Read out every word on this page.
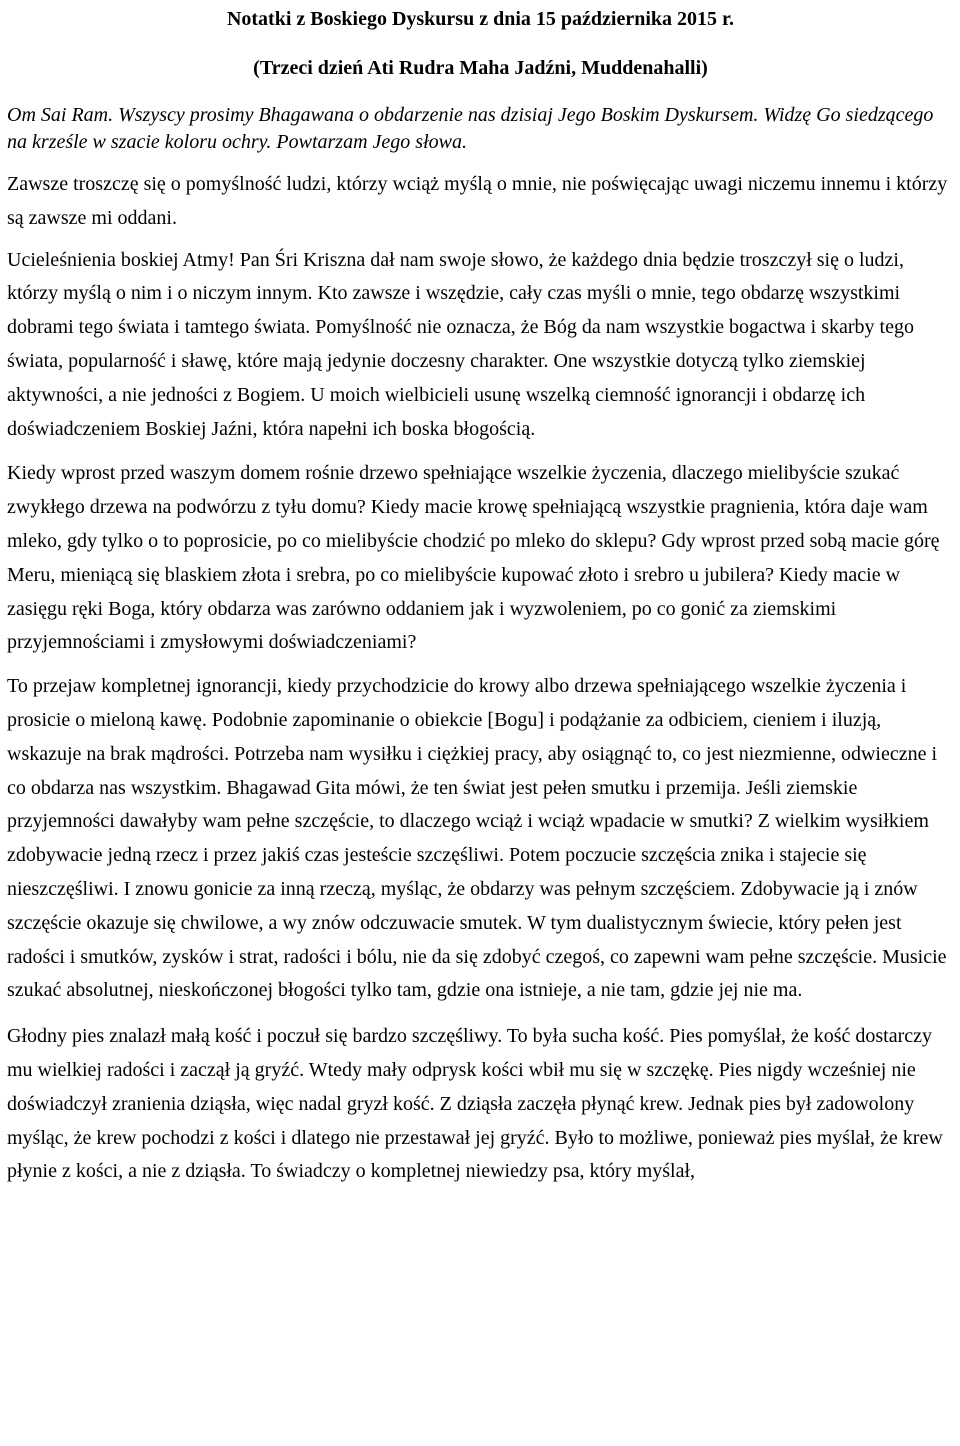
Notatki z Boskiego Dyskursu z dnia 15 października 2015 r.
(Trzeci dzień Ati Rudra Maha Jadźni, Muddenahalli)

Om Sai Ram. Wszyscy prosimy Bhagawana o obdarzenie nas dzisiaj Jego Boskim Dyskursem. Widzę Go siedzącego na krześle w szacie koloru ochry. Powtarzam Jego słowa.

Zawsze troszczę się o pomyślność ludzi, którzy wciąż myślą o mnie, nie poświęcając uwagi niczemu innemu i którzy są zawsze mi oddani.

Ucieleśnienia boskiej Atmy! Pan Śri Kriszna dał nam swoje słowo, że każdego dnia będzie troszczył się o ludzi, którzy myślą o nim i o niczym innym. Kto zawsze i wszędzie, cały czas myśli o mnie, tego obdarzę wszystkimi dobrami tego świata i tamtego świata. Pomyślność nie oznacza, że Bóg da nam wszystkie bogactwa i skarby tego świata, popularność i sławę, które mają jedynie doczesny charakter. One wszystkie dotyczą tylko ziemskiej aktywności, a nie jedności z Bogiem. U moich wielbicieli usunę wszelką ciemność ignorancji i obdarzę ich doświadczeniem Boskiej Jaźni, która napełni ich boska błogością.

Kiedy wprost przed waszym domem rośnie drzewo spełniające wszelkie życzenia, dlaczego mielibyście szukać zwykłego drzewa na podwórzu z tyłu domu? Kiedy macie krowę spełniającą wszystkie pragnienia, która daje wam mleko, gdy tylko o to poprosicie, po co mielibyście chodzić po mleko do sklepu? Gdy wprost przed sobą macie górę Meru, mieniącą się blaskiem złota i srebra, po co mielibyście kupować złoto i srebro u jubilera? Kiedy macie w zasięgu ręki Boga, który obdarza was zarówno oddaniem jak i wyzwoleniem, po co gonić za ziemskimi przyjemnościami i zmysłowymi doświadczeniami?

To przejaw kompletnej ignorancji, kiedy przychodzicie do krowy albo drzewa spełniającego wszelkie życzenia i prosicie o mieloną kawę. Podobnie zapominanie o obiekcie [Bogu] i podążanie za odbiciem, cieniem i iluzją, wskazuje na brak mądrości. Potrzeba nam wysiłku i ciężkiej pracy, aby osiągnąć to, co jest niezmienne, odwieczne i co obdarza nas wszystkim. Bhagawad Gita mówi, że ten świat jest pełen smutku i przemija. Jeśli ziemskie przyjemności dawałyby wam pełne szczęście, to dlaczego wciąż i wciąż wpadacie w smutki? Z wielkim wysiłkiem zdobywacie jedną rzecz i przez jakiś czas jesteście szczęśliwi. Potem poczucie szczęścia znika i stajecie się nieszczęśliwi. I znowu gonicie za inną rzeczą, myśląc, że obdarzy was pełnym szczęściem. Zdobywacie ją i znów szczęście okazuje się chwilowe, a wy znów odczuwacie smutek. W tym dualistycznym świecie, który pełen jest radości i smutków, zysków i strat, radości i bólu, nie da się zdobyć czegoś, co zapewni wam pełne szczęście. Musicie szukać absolutnej, nieskończonej błogości tylko tam, gdzie ona istnieje, a nie tam, gdzie jej nie ma.

Głodny pies znalazł małą kość i poczuł się bardzo szczęśliwy. To była sucha kość. Pies pomyślał, że kość dostarczy mu wielkiej radości i zaczął ją gryźć. Wtedy mały odprysk kości wbił mu się w szczękę. Pies nigdy wcześniej nie doświadczył zranienia dziąsła, więc nadal gryzł kość. Z dziąsła zaczęła płynąć krew. Jednak pies był zadowolony myśląc, że krew pochodzi z kości i dlatego nie przestawał jej gryźć. Było to możliwe, ponieważ pies myślał, że krew płynie z kości, a nie z dziąsła. To świadczy o kompletnej niewiedzy psa, który myślał,
